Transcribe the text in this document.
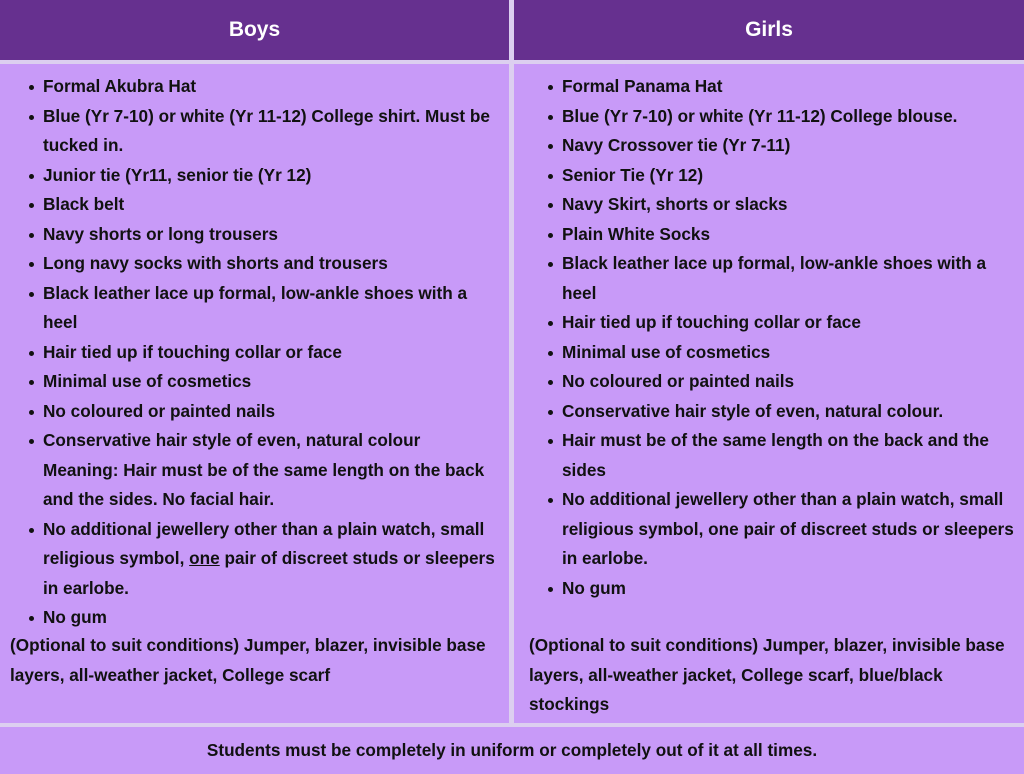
Boys	Girls
Formal Akubra Hat
Blue (Yr 7-10) or white (Yr 11-12) College shirt. Must be tucked in.
Junior tie (Yr11, senior tie (Yr 12)
Black belt
Navy shorts or long trousers
Long navy socks with shorts and trousers
Black leather lace up formal, low-ankle shoes with a heel
Hair tied up if touching collar or face
Minimal use of cosmetics
No coloured or painted nails
Conservative hair style of even, natural colour Meaning: Hair must be of the same length on the back and the sides. No facial hair.
No additional jewellery other than a plain watch, small religious symbol, one pair of discreet studs or sleepers in earlobe.
No gum
(Optional to suit conditions) Jumper, blazer, invisible base layers, all-weather jacket, College scarf
Formal Panama Hat
Blue (Yr 7-10) or white (Yr 11-12) College blouse.
Navy Crossover tie (Yr 7-11)
Senior Tie (Yr 12)
Navy Skirt, shorts or slacks
Plain White Socks
Black leather lace up formal, low-ankle shoes with a heel
Hair tied up if touching collar or face
Minimal use of cosmetics
No coloured or painted nails
Conservative hair style of even, natural colour.
Hair must be of the same length on the back and the sides
No additional jewellery other than a plain watch, small religious symbol, one pair of discreet studs or sleepers in earlobe.
No gum
(Optional to suit conditions) Jumper, blazer, invisible base layers, all-weather jacket, College scarf, blue/black stockings
Students must be completely in uniform or completely out of it at all times.
